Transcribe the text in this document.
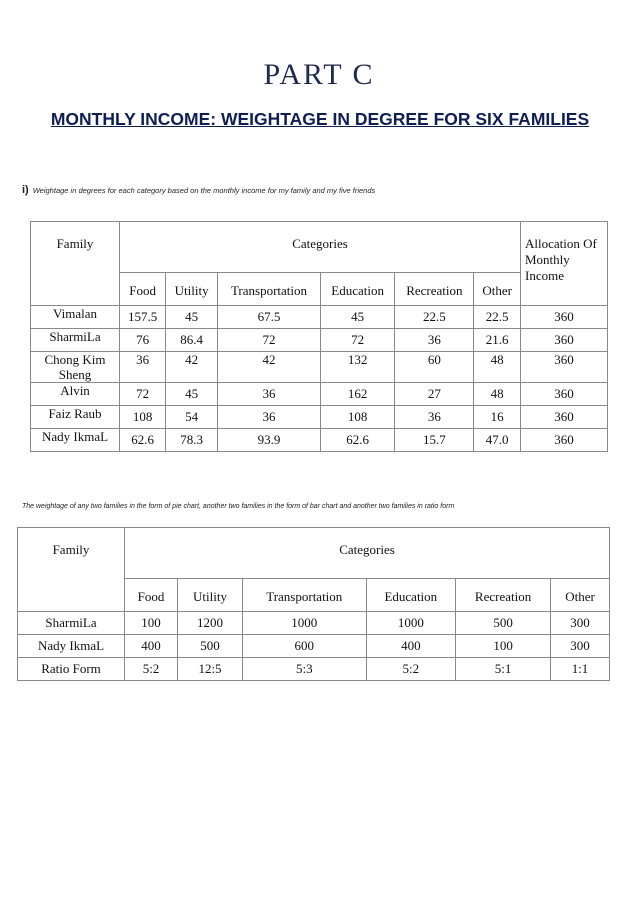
PART C
MONTHLY INCOME: WEIGHTAGE IN DEGREE FOR SIX FAMILIES
i) Weightage in degrees for each category based on the monthly income for my family and my five friends
Family	Categories						Allocation Of Monthly Income
	Food	Utility	Transportation	Education	Recreation	Other	
Vimalan	157.5	45	67.5	45	22.5	22.5	360
SharmiLa	76	86.4	72	72	36	21.6	360
Chong Kim Sheng	36	42	42	132	60	48	360
Alvin	72	45	36	162	27	48	360
Faiz Raub	108	54	36	108	36	16	360
Nady IkmaL	62.6	78.3	93.9	62.6	15.7	47.0	360
The weightage of any two families in the form of pie chart, another two families in the form of bar chart and another two families in ratio form
Family	Categories					
	Food	Utility	Transportation	Education	Recreation	Other
SharmiLa	100	1200	1000	1000	500	300
Nady IkmaL	400	500	600	400	100	300
Ratio Form	5:2	12:5	5:3	5:2	5:1	1:1
